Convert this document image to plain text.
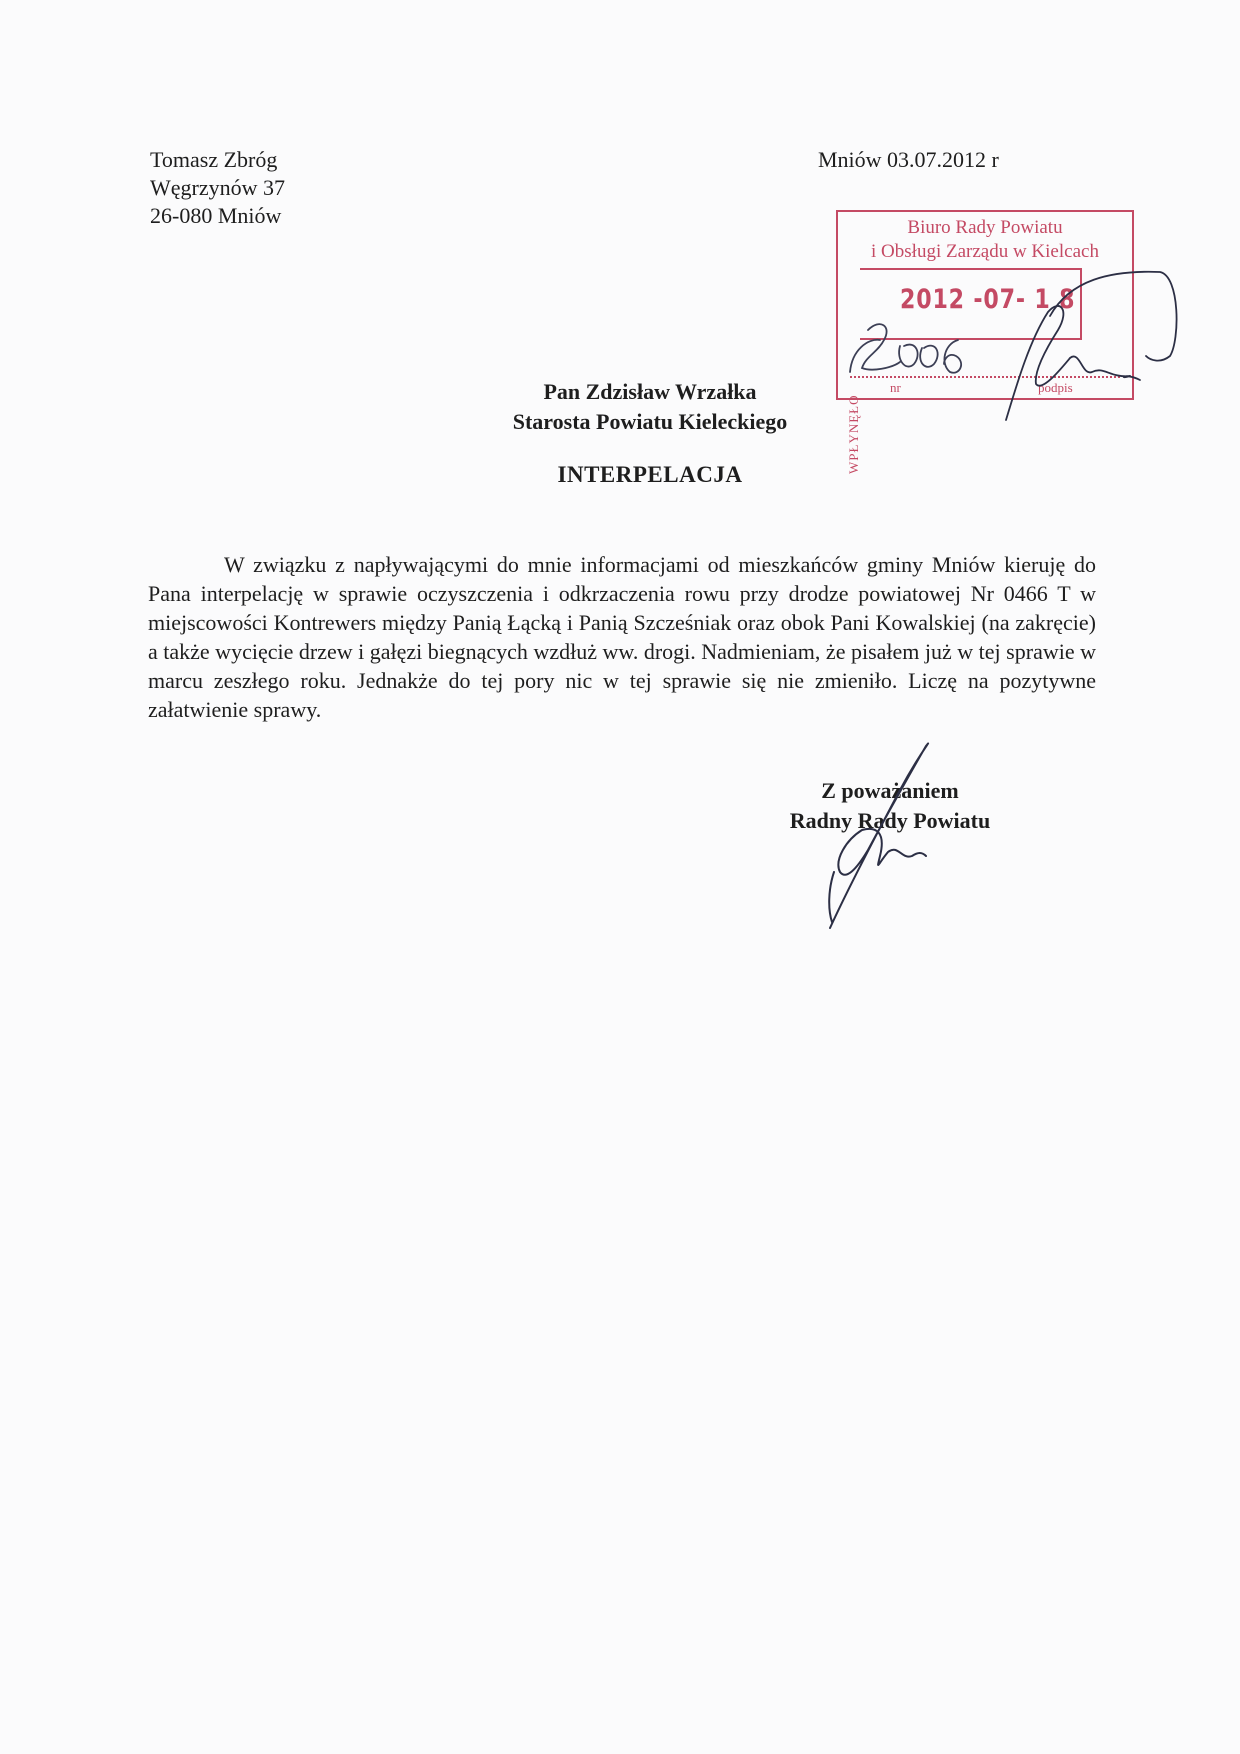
Tomasz Zbróg
Węgrzynów 37
26-080 Mniów
Mniów 03.07.2012 r
Biuro Rady Powiatu
i Obsługi Zarządu w Kielcach
WPŁYNĘŁO
2012 -07- 1 8
nr	podpis
Pan Zdzisław Wrzałka
Starosta Powiatu Kieleckiego
INTERPELACJA
W związku z napływającymi do mnie informacjami od mieszkańców gminy Mniów kieruję do Pana interpelację w sprawie oczyszczenia i odkrzaczenia rowu przy drodze powiatowej Nr 0466 T w miejscowości Kontrewers między Panią Łącką i Panią Szcześniak oraz obok Pani Kowalskiej (na zakręcie) a także wycięcie drzew i gałęzi biegnących wzdłuż ww. drogi. Nadmieniam, że pisałem już w tej sprawie w marcu zeszłego roku. Jednakże do tej pory nic w tej sprawie się nie zmieniło. Liczę na pozytywne załatwienie sprawy.
Z poważaniem
Radny Rady Powiatu
